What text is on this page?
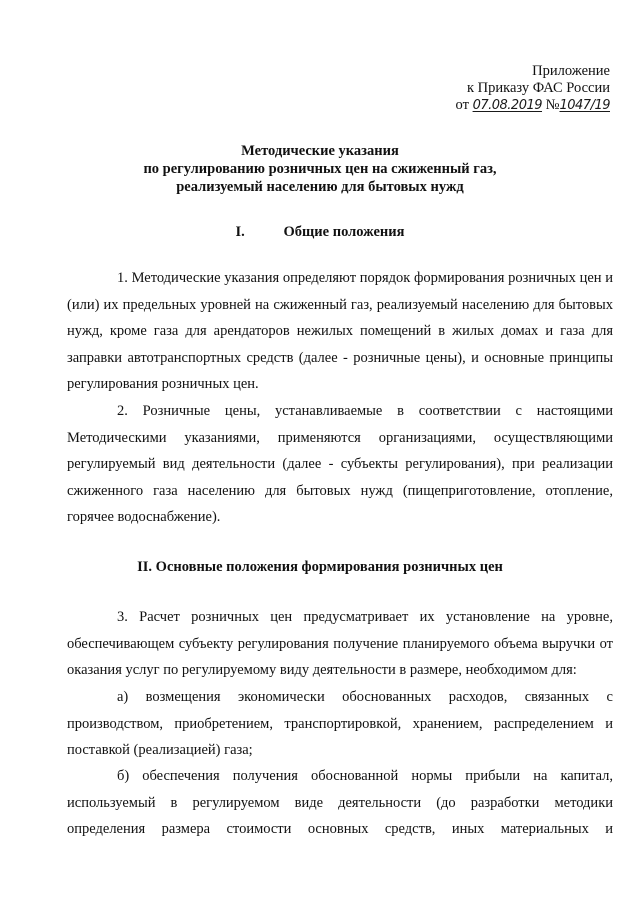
Приложение
к Приказу ФАС России
от 07.08.2019 №1047/19
Методические указания
по регулированию розничных цен на сжиженный газ,
реализуемый населению для бытовых нужд
I.	Общие положения

1. Методические указания определяют порядок формирования розничных цен и (или) их предельных уровней на сжиженный газ, реализуемый населению для бытовых нужд, кроме газа для арендаторов нежилых помещений в жилых домах и газа для заправки автотранспортных средств (далее - розничные цены), и основные принципы регулирования розничных цен.

2. Розничные цены, устанавливаемые в соответствии с настоящими Методическими указаниями, применяются организациями, осуществляющими регулируемый вид деятельности (далее - субъекты регулирования), при реализации сжиженного газа населению для бытовых нужд (пищеприготовление, отопление, горячее водоснабжение).

II. Основные положения формирования розничных цен

3. Расчет розничных цен предусматривает их установление на уровне, обеспечивающем субъекту регулирования получение планируемого объема выручки от оказания услуг по регулируемому виду деятельности в размере, необходимом для:

а) возмещения экономически обоснованных расходов, связанных с производством, приобретением, транспортировкой, хранением, распределением и поставкой (реализацией) газа;

б) обеспечения получения обоснованной нормы прибыли на капитал, используемый в регулируемом виде деятельности (до разработки методики определения размера стоимости основных средств, иных материальных и
